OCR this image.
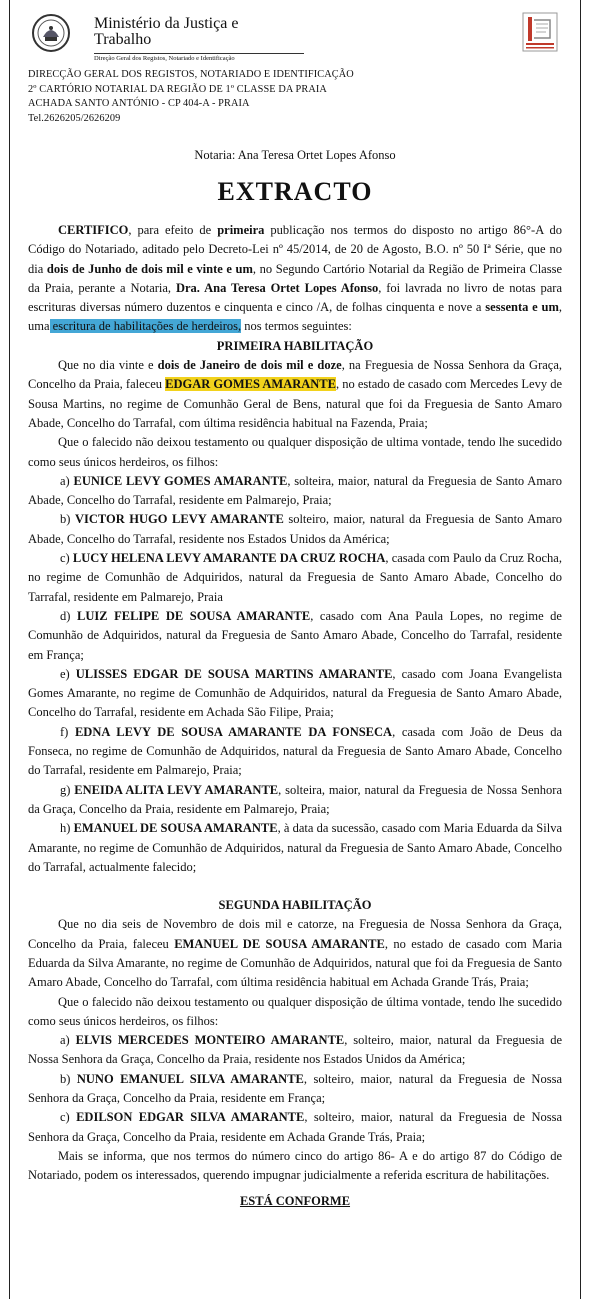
Ministério da Justiça e
Trabalho
Direção Geral dos Registos, Notariado e Identificação
DIRECÇÃO GERAL DOS REGISTOS, NOTARIADO E IDENTIFICAÇÃO
2º CARTÓRIO NOTARIAL DA REGIÃO DE 1º CLASSE DA PRAIA
ACHADA SANTO ANTÓNIO - CP 404-A - PRAIA
Tel.2626205/2626209
Notaria: Ana Teresa Ortet Lopes Afonso
EXTRACTO

CERTIFICO, para efeito de primeira publicação nos termos do disposto no artigo 86°-A do Código do Notariado, aditado pelo Decreto-Lei nº 45/2014, de 20 de Agosto, B.O. nº 50 Iª Série, que no dia dois de Junho de dois mil e vinte e um, no Segundo Cartório Notarial da Região de Primeira Classe da Praia, perante a Notaria, Dra. Ana Teresa Ortet Lopes Afonso, foi lavrada no livro de notas para escrituras diversas número duzentos e cinquenta e cinco /A, de folhas cinquenta e nove a sessenta e um, uma escritura de habilitações de herdeiros, nos termos seguintes:

PRIMEIRA HABILITAÇÃO

Que no dia vinte e dois de Janeiro de dois mil e doze, na Freguesia de Nossa Senhora da Graça, Concelho da Praia, faleceu EDGAR GOMES AMARANTE, no estado de casado com Mercedes Levy de Sousa Martins, no regime de Comunhão Geral de Bens, natural que foi da Freguesia de Santo Amaro Abade, Concelho do Tarrafal, com última residência habitual na Fazenda, Praia;

Que o falecido não deixou testamento ou qualquer disposição de ultima vontade, tendo lhe sucedido como seus únicos herdeiros, os filhos:

a) EUNICE LEVY GOMES AMARANTE, solteira, maior, natural da Freguesia de Santo Amaro Abade, Concelho do Tarrafal, residente em Palmarejo, Praia;

b) VICTOR HUGO LEVY AMARANTE solteiro, maior, natural da Freguesia de Santo Amaro Abade, Concelho do Tarrafal, residente nos Estados Unidos da América;

c) LUCY HELENA LEVY AMARANTE DA CRUZ ROCHA, casada com Paulo da Cruz Rocha, no regime de Comunhão de Adquiridos, natural da Freguesia de Santo Amaro Abade, Concelho do Tarrafal, residente em Palmarejo, Praia

d) LUIZ FELIPE DE SOUSA AMARANTE, casado com Ana Paula Lopes, no regime de Comunhão de Adquiridos, natural da Freguesia de Santo Amaro Abade, Concelho do Tarrafal, residente em França;

e) ULISSES EDGAR DE SOUSA MARTINS AMARANTE, casado com Joana Evangelista Gomes Amarante, no regime de Comunhão de Adquiridos, natural da Freguesia de Santo Amaro Abade, Concelho do Tarrafal, residente em Achada São Filipe, Praia;

f) EDNA LEVY DE SOUSA AMARANTE DA FONSECA, casada com João de Deus da Fonseca, no regime de Comunhão de Adquiridos, natural da Freguesia de Santo Amaro Abade, Concelho do Tarrafal, residente em Palmarejo, Praia;

g) ENEIDA ALITA LEVY AMARANTE, solteira, maior, natural da Freguesia de Nossa Senhora da Graça, Concelho da Praia, residente em Palmarejo, Praia;

h) EMANUEL DE SOUSA AMARANTE, à data da sucessão, casado com Maria Eduarda da Silva Amarante, no regime de Comunhão de Adquiridos, natural da Freguesia de Santo Amaro Abade, Concelho do Tarrafal, actualmente falecido;

SEGUNDA HABILITAÇÃO

Que no dia seis de Novembro de dois mil e catorze, na Freguesia de Nossa Senhora da Graça, Concelho da Praia, faleceu EMANUEL DE SOUSA AMARANTE, no estado de casado com Maria Eduarda da Silva Amarante, no regime de Comunhão de Adquiridos, natural que foi da Freguesia de Santo Amaro Abade, Concelho do Tarrafal, com última residência habitual em Achada Grande Trás, Praia;

Que o falecido não deixou testamento ou qualquer disposição de última vontade, tendo lhe sucedido como seus únicos herdeiros, os filhos:

a) ELVIS MERCEDES MONTEIRO AMARANTE, solteiro, maior, natural da Freguesia de Nossa Senhora da Graça, Concelho da Praia, residente nos Estados Unidos da América;

b) NUNO EMANUEL SILVA AMARANTE, solteiro, maior, natural da Freguesia de Nossa Senhora da Graça, Concelho da Praia, residente em França;

c) EDILSON EDGAR SILVA AMARANTE, solteiro, maior, natural da Freguesia de Nossa Senhora da Graça, Concelho da Praia, residente em Achada Grande Trás, Praia;

Mais se informa, que nos termos do número cinco do artigo 86- A e do artigo 87 do Código de Notariado, podem os interessados, querendo impugnar judicialmente a referida escritura de habilitações.

ESTÁ CONFORME
